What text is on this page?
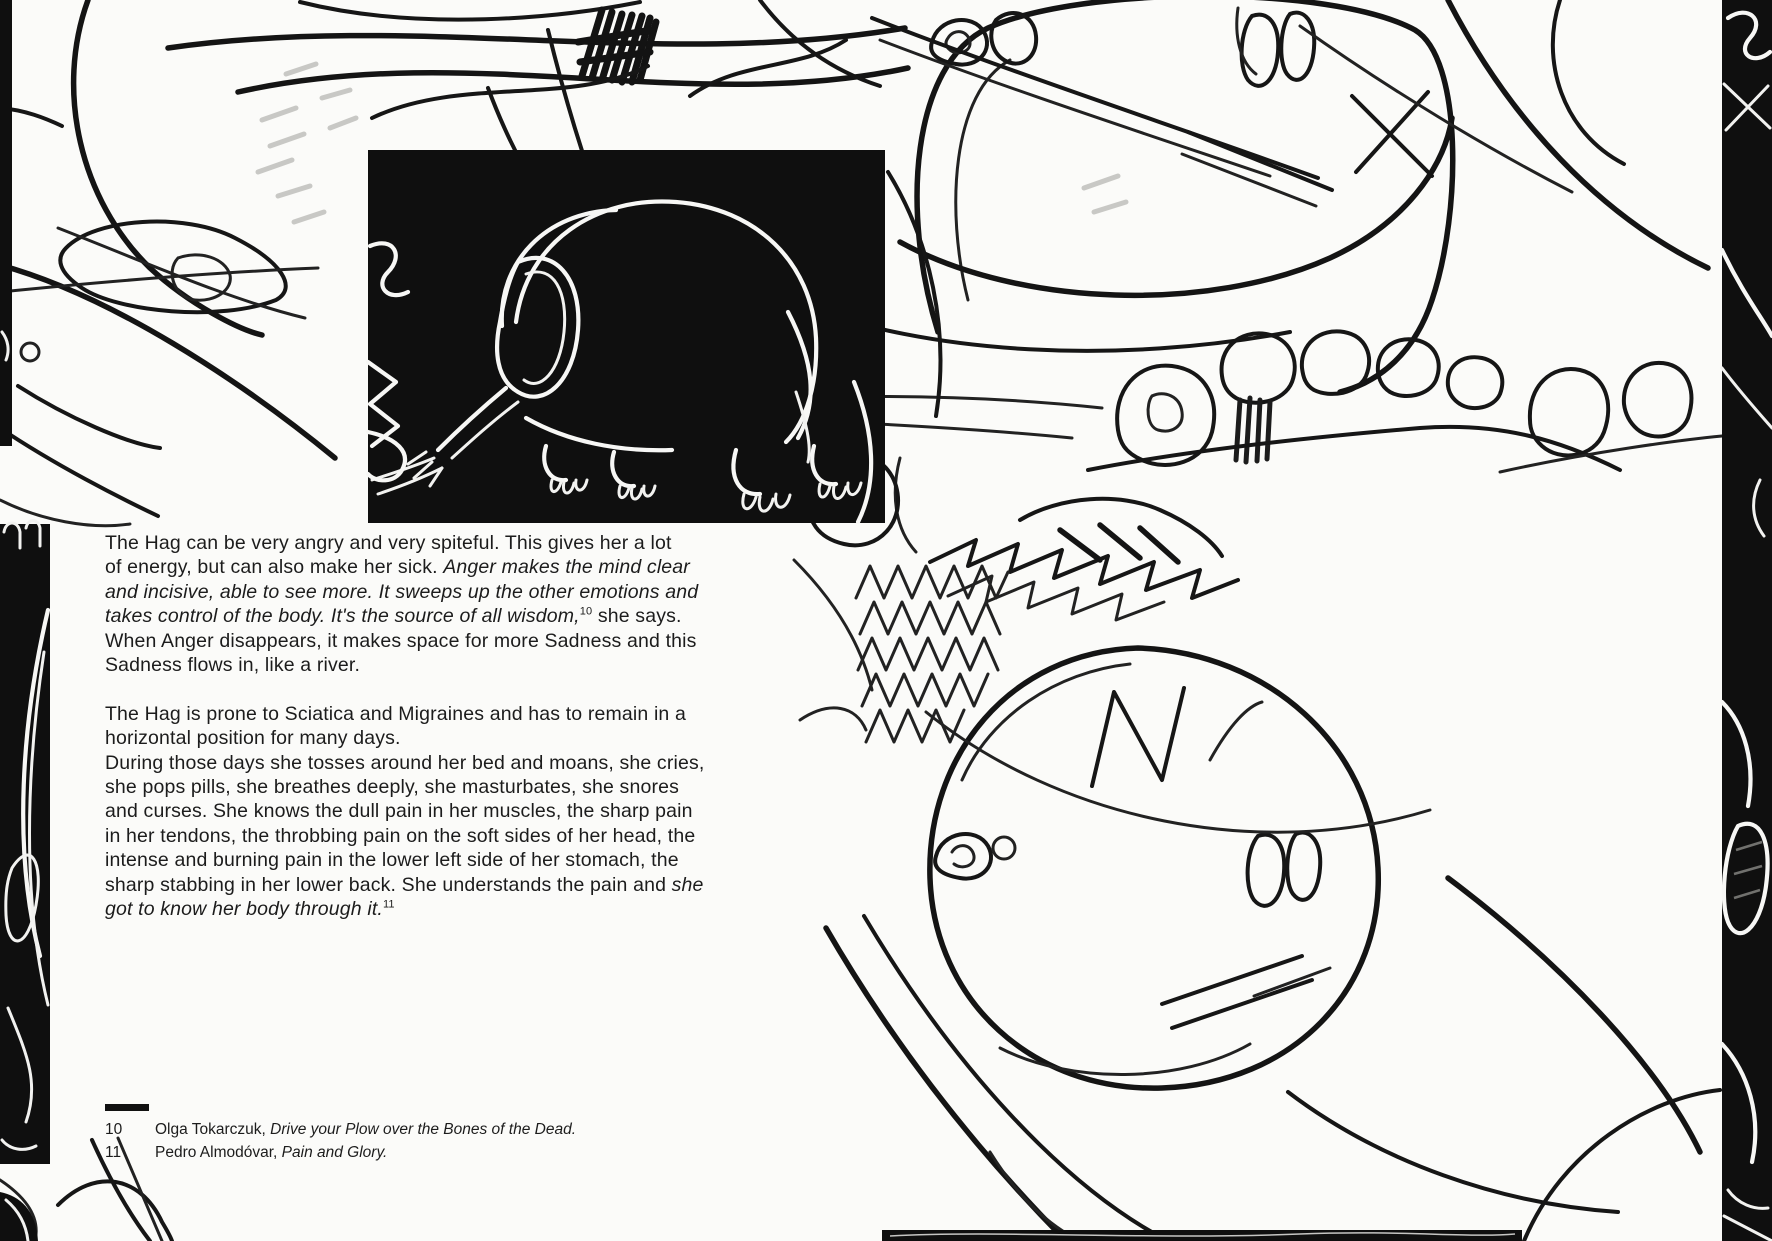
The Hag can be very angry and very spiteful. This gives her a lot
of energy, but can also make her sick. Anger makes the mind clear
and incisive, able to see more. It sweeps up the other emotions and
takes control of the body. It's the source of all wisdom,$^{10}$ she says.
When Anger disappears, it makes space for more Sadness and this
Sadness flows in, like a river.
The Hag is prone to Sciatica and Migraines and has to remain in a
horizontal position for many days.
During those days she tosses around her bed and moans, she cries,
she pops pills, she breathes deeply, she masturbates, she snores
and curses. She knows the dull pain in her muscles, the sharp pain
in her tendons, the throbbing pain on the soft sides of her head, the
intense and burning pain in the lower left side of her stomach, the
sharp stabbing in her lower back. She understands the pain and she
got to know her body through it.$^{11}$
10	Olga Tokarczuk, Drive your Plow over the Bones of the Dead.
11	Pedro Almodóvar, Pain and Glory.
